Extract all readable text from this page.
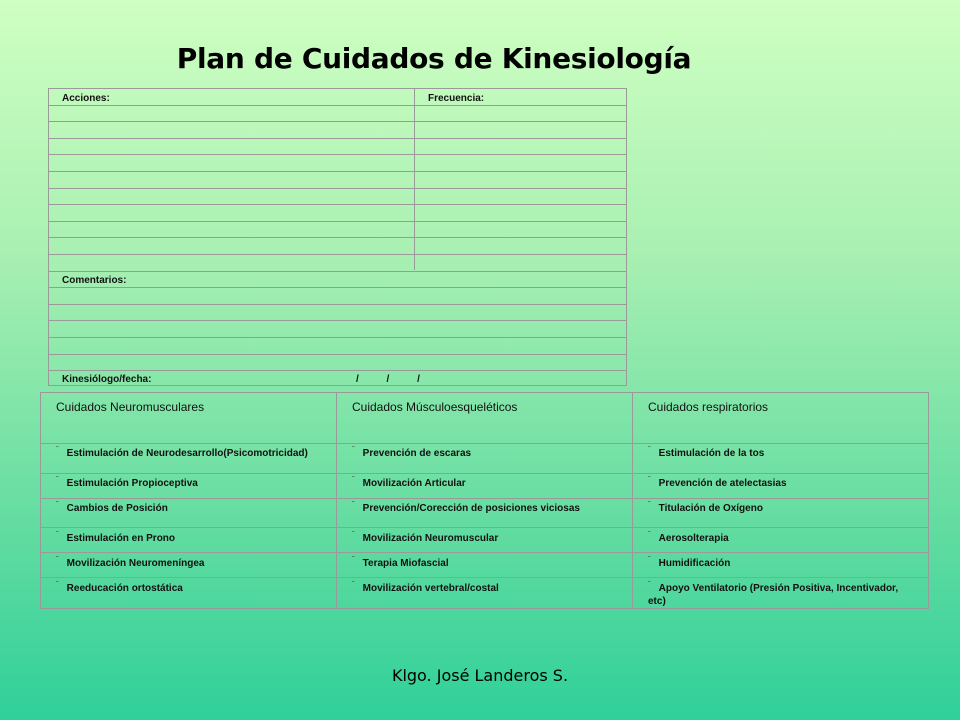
Plan de Cuidados de Kinesiología
Acciones:	Frecuencia:
Comentarios:
Kinesiólogo/fecha:	/          /          /
Cuidados Neuromusculares	Cuidados Músculoesqueléticos	Cuidados respiratorios
¨ Estimulación de Neurodesarrollo(Psicomotricidad)	¨ Prevención de escaras	¨ Estimulación de la tos
¨ Estimulación Propioceptiva	¨ Movilización Articular	¨ Prevención de atelectasias
¨ Cambios de Posición	¨ Prevención/Corección de posiciones viciosas	¨ Titulación de Oxígeno
¨ Estimulación en Prono	¨ Movilización Neuromuscular	¨ Aerosolterapia
¨ Movilización Neuromeníngea	¨ Terapia Miofascial	¨ Humidificación
¨ Reeducación ortostática	¨ Movilización vertebral/costal	¨ Apoyo Ventilatorio (Presión Positiva, Incentivador, etc)
Klgo. José Landeros S.
